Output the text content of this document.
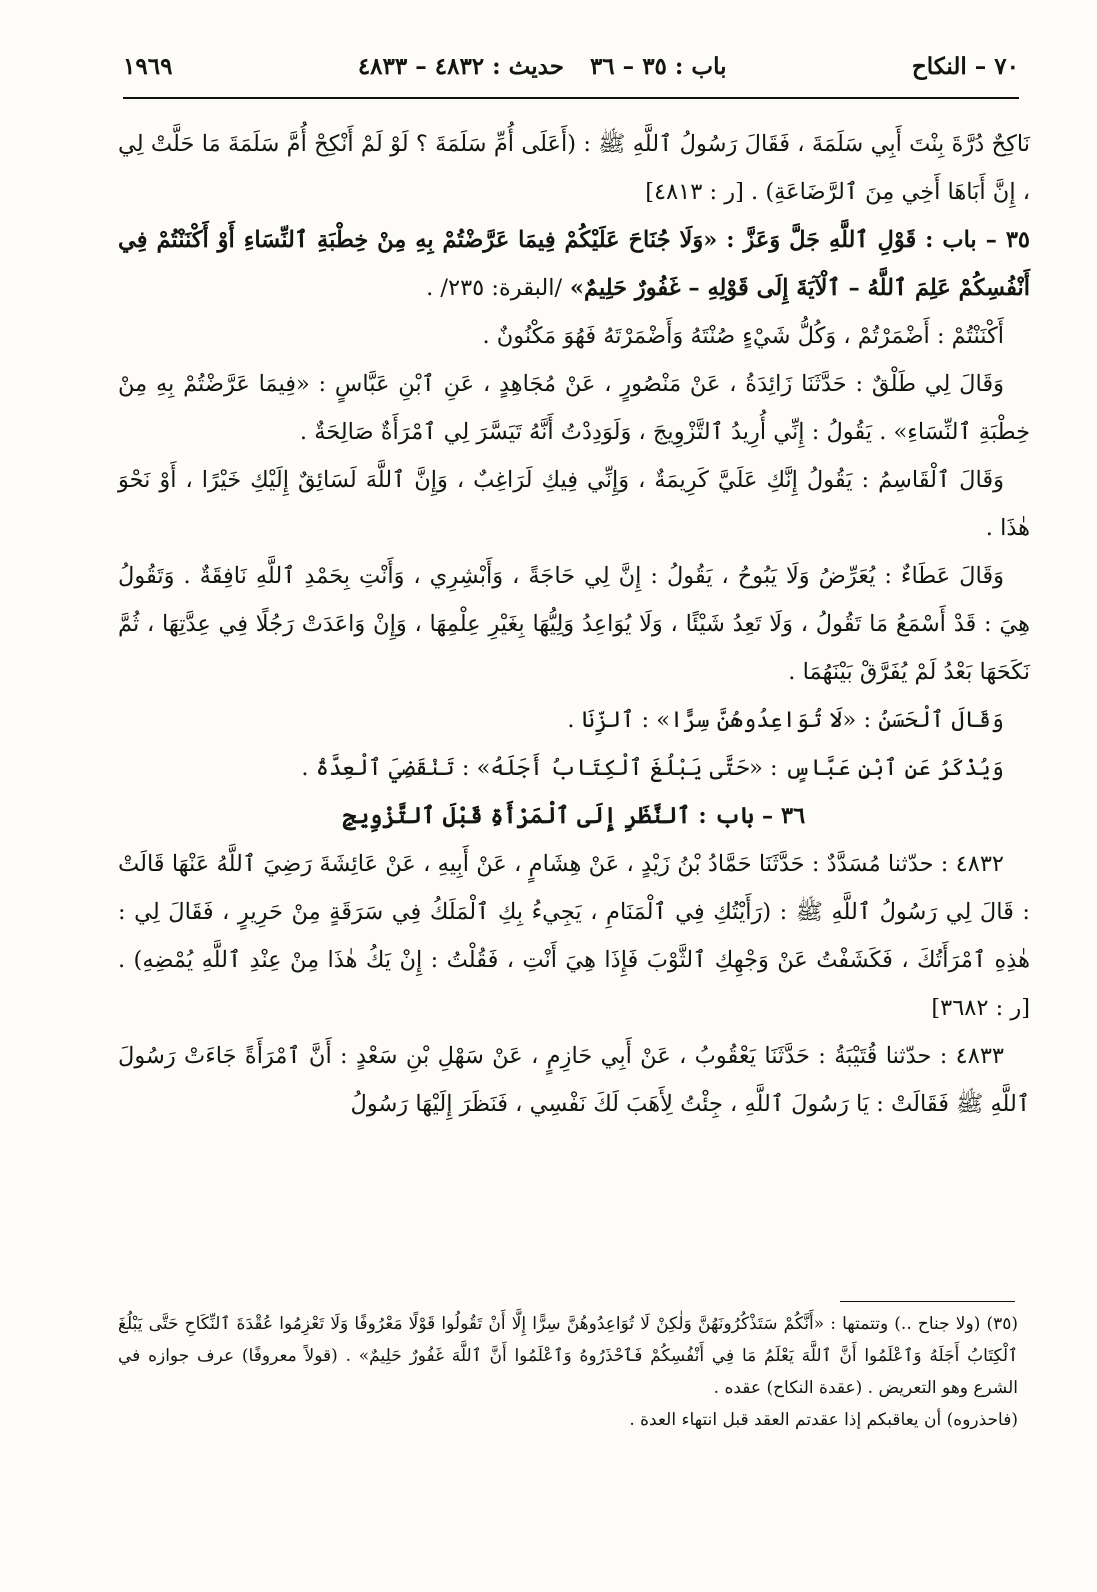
٧٠ – النكاح
باب : ٣٥ – ٣٦
حديث : ٤٨٣٢ – ٤٨٣٣
١٩٦٩

نَاكِحٌ دُرَّةَ بِنْتَ أَبِي سَلَمَةَ ، فَقَالَ رَسُولُ ٱللَّهِ ﷺ : (أَعَلَى أُمِّ سَلَمَةَ ؟ لَوْ لَمْ أَنْكِحْ أُمَّ سَلَمَةَ مَا حَلَّتْ لِي ، إِنَّ أَبَاهَا أَخِي مِنَ ٱلرَّضَاعَةِ) . [ر : ٤٨١٣]

٣٥ – باب : قَوْلِ ٱللَّهِ جَلَّ وَعَزَّ : «وَلَا جُنَاحَ عَلَيْكُمْ فِيمَا عَرَّضْتُمْ بِهِ مِنْ خِطْبَةِ ٱلنِّسَاءِ أَوْ أَكْنَنْتُمْ فِي أَنْفُسِكُمْ عَلِمَ ٱللَّهُ – ٱلْآيَةَ إِلَى قَوْلِهِ – غَفُورٌ حَلِيمٌ» /البقرة: ٢٣٥/ .

أَكْنَنْتُمْ : أَضْمَرْتُمْ ، وَكُلُّ شَيْءٍ صُنْتَهُ وَأَضْمَرْتَهُ فَهُوَ مَكْنُونٌ .

وَقَالَ لِي طَلْقٌ : حَدَّثَنَا زَائِدَةُ ، عَنْ مَنْصُورٍ ، عَنْ مُجَاهِدٍ ، عَنِ ٱبْنِ عَبَّاسٍ : «فِيمَا عَرَّضْتُمْ بِهِ مِنْ خِطْبَةِ ٱلنِّسَاءِ» . يَقُولُ : إِنِّي أُرِيدُ ٱلتَّزْوِيجَ ، وَلَوَدِدْتُ أَنَّهُ تَيَسَّرَ لِي ٱمْرَأَةٌ صَالِحَةٌ .

وَقَالَ ٱلْقَاسِمُ : يَقُولُ إِنَّكِ عَلَيَّ كَرِيمَةٌ ، وَإِنِّي فِيكِ لَرَاغِبٌ ، وَإِنَّ ٱللَّهَ لَسَائِقٌ إِلَيْكِ خَيْرًا ، أَوْ نَحْوَ هٰذَا .

وَقَالَ عَطَاءٌ : يُعَرِّضُ وَلَا يَبُوحُ ، يَقُولُ : إِنَّ لِي حَاجَةً ، وَأَبْشِرِي ، وَأَنْتِ بِحَمْدِ ٱللَّهِ نَافِقَةٌ . وَتَقُولُ هِيَ : قَدْ أَسْمَعُ مَا تَقُولُ ، وَلَا تَعِدُ شَيْئًا ، وَلَا يُوَاعِدُ وَلِيُّهَا بِغَيْرِ عِلْمِهَا ، وَإِنْ وَاعَدَتْ رَجُلًا فِي عِدَّتِهَا ، ثُمَّ نَكَحَهَا بَعْدُ لَمْ يُفَرَّقْ بَيْنَهُمَا .

وَقَالَ ٱلْحَسَنُ : «لَا تُوَاعِدُوهُنَّ سِرًّا» : ٱلزِّنَا .

وَيُذْكَرُ عَنِ ٱبْنِ عَبَّاسٍ : «حَتَّى يَبْلُغَ ٱلْكِتَابُ أَجَلَهُ» : تَنْقَضِيَ ٱلْعِدَّةُ .

٣٦ – باب : ٱلنَّظَرِ إِلَى ٱلْمَرْأَةِ قَبْلَ ٱلتَّزْوِيجِ

٤٨٣٢ : حدّثنا مُسَدَّدٌ : حَدَّثَنَا حَمَّادُ بْنُ زَيْدٍ ، عَنْ هِشَامٍ ، عَنْ أَبِيهِ ، عَنْ عَائِشَةَ رَضِيَ ٱللَّهُ عَنْهَا قَالَتْ : قَالَ لِي رَسُولُ ٱللَّهِ ﷺ : (رَأَيْتُكِ فِي ٱلْمَنَامِ ، يَجِيءُ بِكِ ٱلْمَلَكُ فِي سَرَقَةٍ مِنْ حَرِيرٍ ، فَقَالَ لِي : هٰذِهِ ٱمْرَأَتُكَ ، فَكَشَفْتُ عَنْ وَجْهِكِ ٱلثَّوْبَ فَإِذَا هِيَ أَنْتِ ، فَقُلْتُ : إِنْ يَكُ هٰذَا مِنْ عِنْدِ ٱللَّهِ يُمْضِهِ) . [ر : ٣٦٨٢]

٤٨٣٣ : حدّثنا قُتَيْبَةُ : حَدَّثَنَا يَعْقُوبُ ، عَنْ أَبِي حَازِمٍ ، عَنْ سَهْلِ بْنِ سَعْدٍ : أَنَّ ٱمْرَأَةً جَاءَتْ رَسُولَ ٱللَّهِ ﷺ فَقَالَتْ : يَا رَسُولَ ٱللَّهِ ، جِئْتُ لِأَهَبَ لَكَ نَفْسِي ، فَنَظَرَ إِلَيْهَا رَسُولُ

(٣٥) (ولا جناح ..) وتتمتها : «أَنَّكُمْ سَتَذْكُرُونَهُنَّ وَلٰكِنْ لَا تُوَاعِدُوهُنَّ سِرًّا إِلَّا أَنْ تَقُولُوا قَوْلًا مَعْرُوفًا وَلَا تَعْزِمُوا عُقْدَةَ ٱلنِّكَاحِ حَتَّى يَبْلُغَ ٱلْكِتَابُ أَجَلَهُ وَٱعْلَمُوا أَنَّ ٱللَّهَ يَعْلَمُ مَا فِي أَنْفُسِكُمْ فَٱحْذَرُوهُ وَٱعْلَمُوا أَنَّ ٱللَّهَ غَفُورٌ حَلِيمٌ» . (قولاً معروفًا) عرف جوازه في الشرع وهو التعريض . (عقدة النكاح) عقده .

(فاحذروه) أن يعاقبكم إذا عقدتم العقد قبل انتهاء العدة .
